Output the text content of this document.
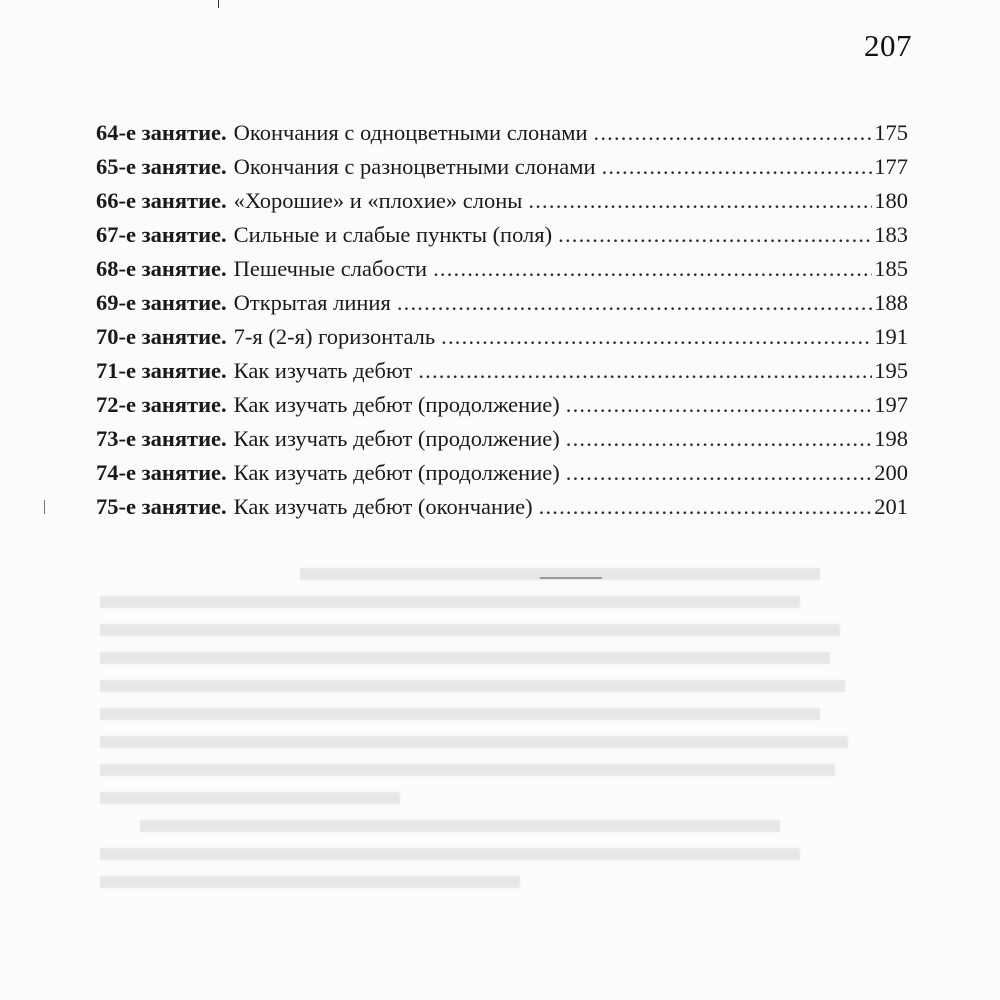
207
64-е занятие. Окончания с одноцветными слонами .....	175
65-е занятие. Окончания с разноцветными слонами .....	177
66-е занятие. «Хорошие» и «плохие» слоны .....	180
67-е занятие. Сильные и слабые пункты (поля) .....	183
68-е занятие. Пешечные слабости .....	185
69-е занятие. Открытая линия .....	188
70-е занятие. 7-я (2-я) горизонталь .....	191
71-е занятие. Как изучать дебют .....	195
72-е занятие. Как изучать дебют (продолжение) .....	197
73-е занятие. Как изучать дебют (продолжение) .....	198
74-е занятие. Как изучать дебют (продолжение) .....	200
75-е занятие. Как изучать дебют (окончание) .....	201
